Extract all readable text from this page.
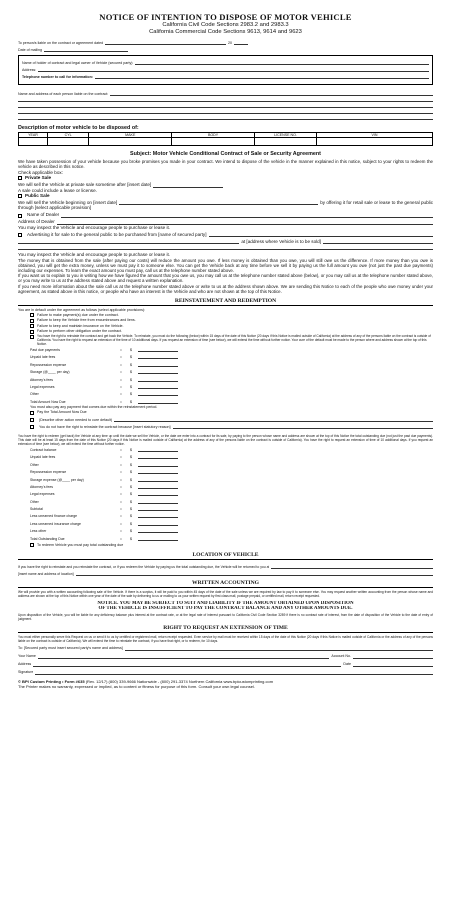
NOTICE OF INTENTION TO DISPOSE OF MOTOR VEHICLE
California Civil Code Sections 2983.2 and 2983.3
California Commercial Code Sections 9613, 9614 and 9623
To person/s liable on the contract or agreement dated	20
Date of mailing
Name of holder of contract and legal owner of Vehicle (secured party):
Address:
Telephone number to call for information:
Name and address of each person liable on the contract:
Description of motor vehicle to be disposed of:
YEAR	CYL	MAKE	BODY	LICENSE NO.	VIN

Subject: Motor Vehicle Conditional Contract of Sale or Security Agreement
We have taken possession of your vehicle because you broke promises you made in your contract. We intend to dispose of the vehicle in the manner explained in this notice, subject to your rights to redeem the vehicle as described in this notice.
Check applicable box:
Private Sale
We will sell the Vehicle at private sale sometime after [insert date]
A sale could include a lease or license.
Public Sale
We will sell the Vehicle beginning on [insert date]	by offering it for retail sale or lease to the general public
through [select applicable provision]
Name of Dealer
Address of Dealer
You may inspect the Vehicle and encourage people to purchase or lease it.
Advertising it for sale to the general public to be purchased from [name of secured party]
at [address where Vehicle is to be sold]
You may inspect the Vehicle and encourage people to purchase or lease it.
The money that is obtained from the sale (after paying our costs) will reduce the amount you owe. If less money is obtained than you owe, you will still owe us the difference. If more money than you owe is obtained, you will get the extra money, unless we must pay it to someone else. You can get the Vehicle back at any time before we sell it by paying us the full amount you owe (not just the past due payments) including our expenses. To learn the exact amount you must pay, call us at the telephone number stated above.
If you want us to explain to you in writing how we have figured the amount that you owe us, you may call us at the telephone number stated above (below), or you may call us at the telephone number stated above, or you may write to us at the address stated above and request a written explanation.
If you need more information about the sale call us at the telephone number stated above or write to us at the address shown above. We are sending this Notice to each of the people who owe money under your agreement, as stated above in this notice, or people who have an interest in the Vehicle and who are not shown at the top of this Notice.
REINSTATEMENT AND REDEMPTION
You are in default under the agreement as follows (select applicable provisions):
Failure to make payment(s) due under the contract.
Failure to keep the Vehicle free from encumbrances and liens.
Failure to keep and maintain insurance on the Vehicle.
Failure to perform other obligation under the contract.
You have the right to reinstate the contract and get back the Vehicle. To reinstate, you must do the following (below) within 15 days of the date of this Notice (20 days if this Notice is mailed outside of California) at the address of any of the persons liable on the contract is outside of California. You have the right to request an extension of the time of 10 additional days. If you request an extension of time (see below), we will extend the time without further notice. Your cure of the default must be made to the person where and address shown at the top of this Notice.
Past due payments	•	$
Unpaid late fees	•	$
Repossession expense	•	$
Storage (@____ per day)	•	$
Attorney's fees	•	$
Legal expenses	•	$
Other	•	$
Total Amount Now Due	•	$
You must also pay any payment that comes due within the reinstatement period.
Pay the Total Amount Now Due
(Describe other action needed to cure default)
You do not have the right to reinstate the contract because [insert statutory reason]
You have the right to redeem (get back) the Vehicle at any time up until the date we sell the Vehicle, or the date we enter into a contract for its sale, by paying to the person whose name and address are shown at the top of this Notice the total outstanding due (not just the past due payments). This date will be at least 15 days from the date of this Notice (20 days if this Notice is mailed outside of California) at the address of any of the persons liable on the contract is outside of California). You have the right to request an extension of time of 10 additional days. If you request an extension of time (see below), we will extend the time without further notice.
Contract balance	•	$
Unpaid late fees	•	$
Other	•	$
Repossession expense	•	$
Storage expense (@____ per day)	•	$
Attorney's fees	•	$
Legal expenses	•	$
Other	•	$
Subtotal	•	$
Less unearned finance charge	•	$
Less unearned insurance charge	•	$
Less other	•	$
Total Outstanding Due	•	$
To redeem Vehicle you must pay total outstanding due
LOCATION OF VEHICLE
If you have the right to reinstate and you reinstate the contract, or if you redeem the Vehicle by paying us the total outstanding due, the Vehicle will be returned to you at
[insert name and address of location]
WRITTEN ACCOUNTING
We will provide you with a written accounting following sale of the Vehicle. If there is a surplus, it will be paid to you within 45 days of the date of the sale unless we are required by law to pay it to someone else. You may request another written accounting from the person whose name and address are shown at the top of this Notice within one year of the date of the sale by delivering to us or mailing to us your written request by first class mail, postage prepaid, or certified mail, return receipt requested.
NOTICE. YOU MAY BE SUBJECT TO SUIT AND LIABILITY IF THE AMOUNT OBTAINED UPON DISPOSITION
OF THE VEHICLE IS INSUFFICIENT TO PAY THE CONTRACT BALANCE AND ANY OTHER AMOUNTS DUE.
Upon disposition of the Vehicle, you will be liable for any deficiency balance plus interest at the contract rate, or at the legal rate of interest pursuant to California Civil Code Section 3289 if there is no contract rate of interest, from the date of disposition of the Vehicle to the date of entry of judgment.
RIGHT TO REQUEST AN EXTENSION OF TIME
You must either personally serve this Request on us or send it to us by certified or registered mail, return receipt requested. Even service by mail must be received within 15 days of the date of this Notice (20 days if this Notice is mailed outside of California or the address of any of the persons liable on the contract is outside of California). We will extend the time to reinstate the contract, if you have that right, or to redeem, for 10 days.
To: [Secured party must insert secured party's name and address]
Your Name	Account No.
Address	Date
Signature
© BPI Custom Printing • Form #635 (Rev. 12/17) (800) 339-9666 Nationwide - (800) 291-3374 Northern California www.bpicustomprinting.com
The Printer makes no warranty, expressed or implied, as to content or fitness for purpose of this form. Consult your own legal counsel.
